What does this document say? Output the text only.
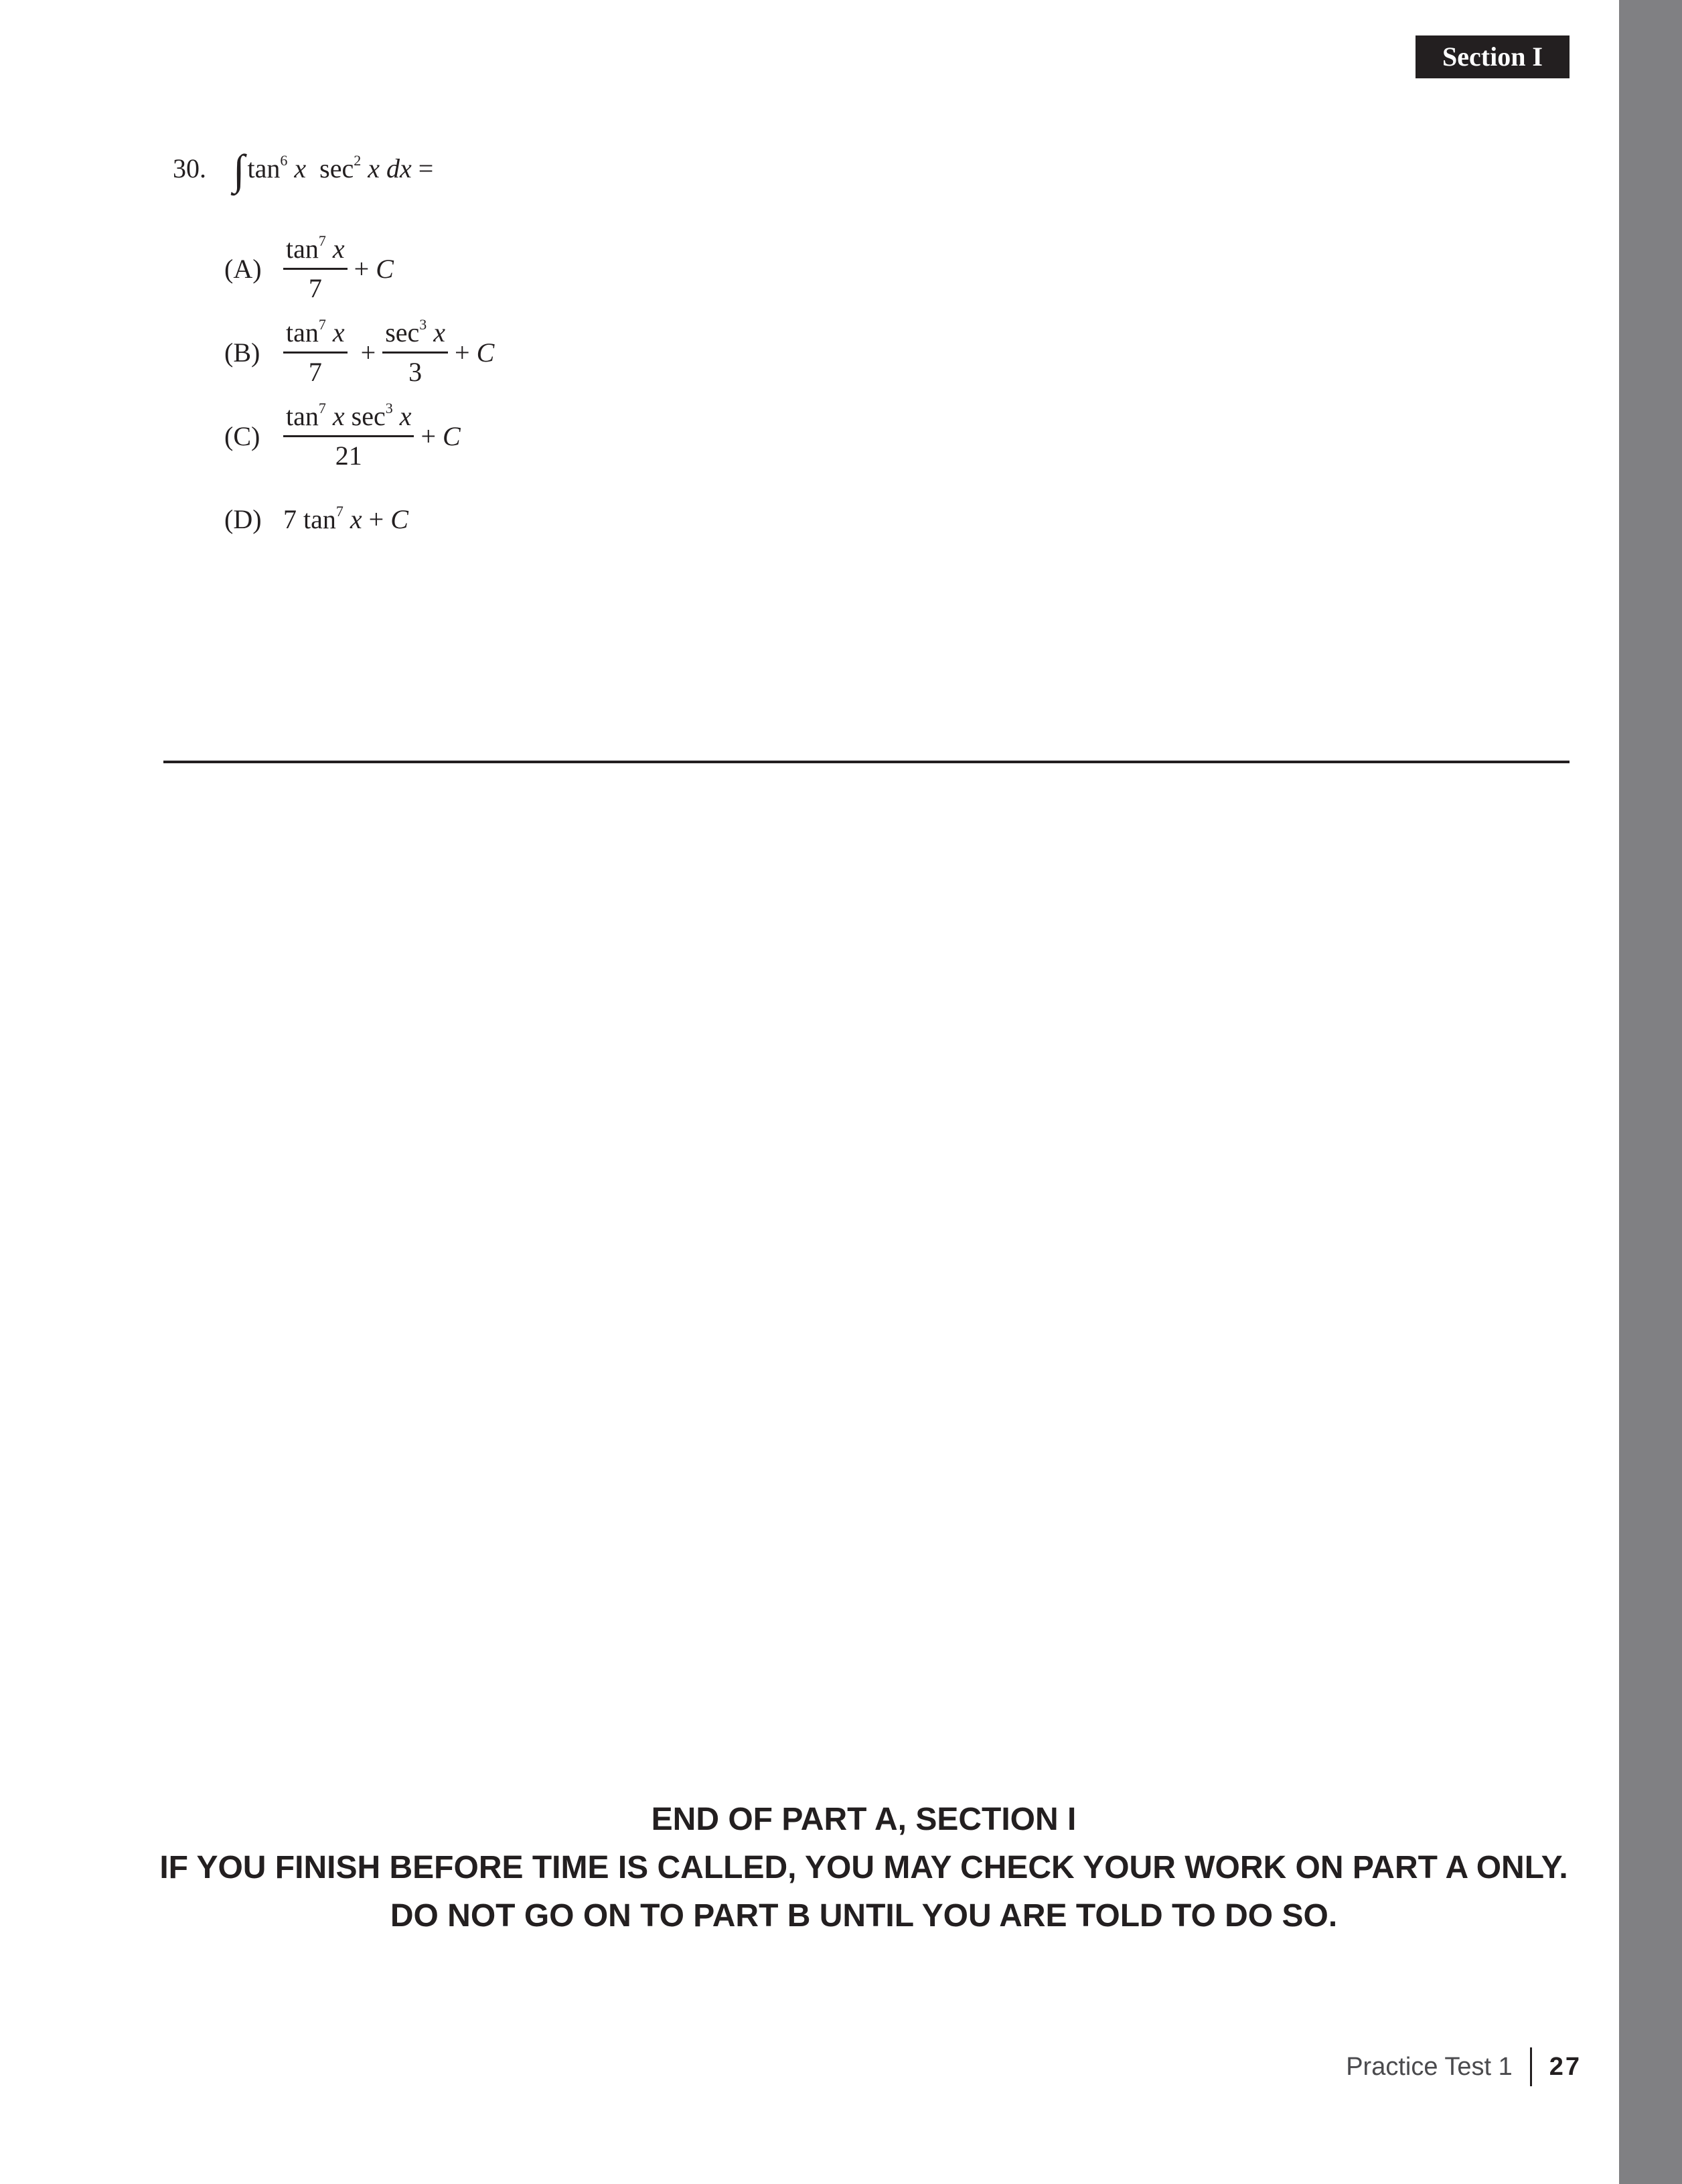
Section I
30. ∫ $\tan^6 x$  $\sec^2 x$ dx =
$(A) \frac{\tan^7 x}{7} + C$
$(B) \frac{\tan^7 x}{7} + \frac{\sec^3 x}{3} + C$
$(C) \frac{\tan^7 x \sec^3 x}{21} + C$
(D) 7 $\tan^7 x + C$
END OF PART A, SECTION I
IF YOU FINISH BEFORE TIME IS CALLED, YOU MAY CHECK YOUR WORK ON PART A ONLY.
DO NOT GO ON TO PART B UNTIL YOU ARE TOLD TO DO SO.
Practice Test 1 27
